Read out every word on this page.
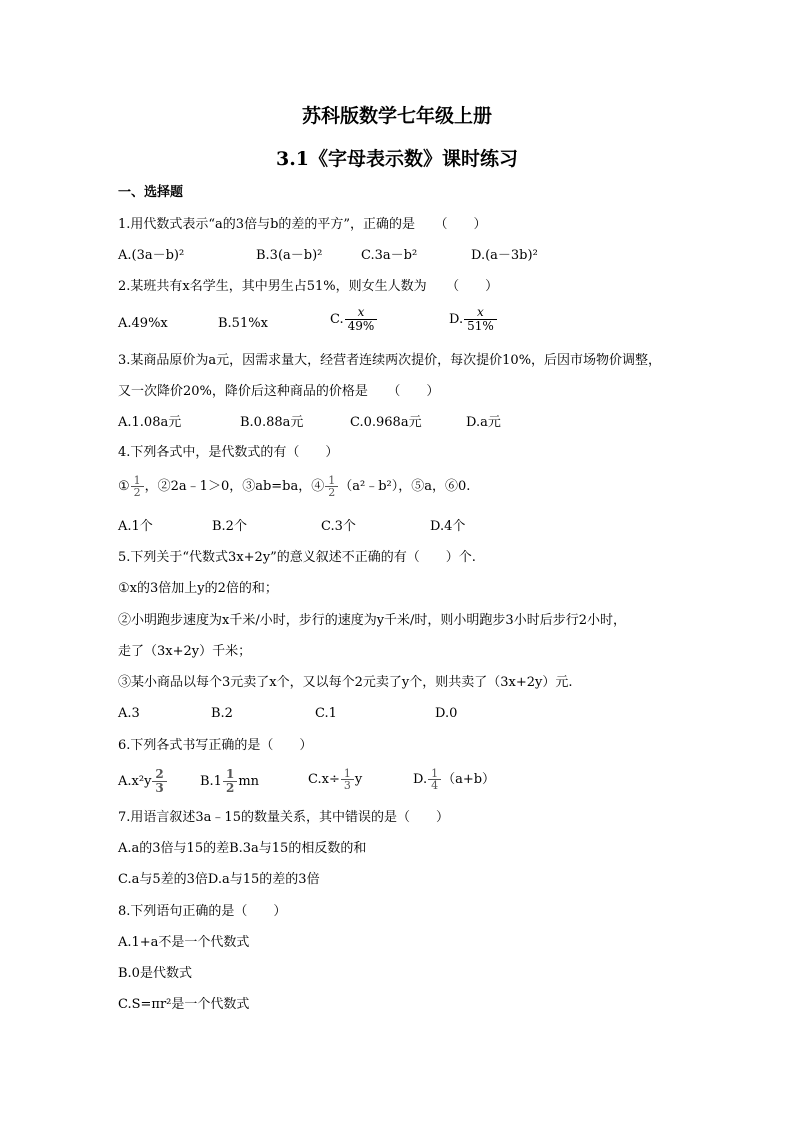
苏科版数学七年级上册
3.1《字母表示数》课时练习
一、选择题
1.用代数式表示“a的3倍与b的差的平方”，正确的是　　（　　）
A.(3a－b)²	B.3(a－b)²	C.3a－b²	D.(a－3b)²
2.某班共有x名学生，其中男生占51%，则女生人数为　　（　　）
A.49%x	B.51%x	C. $\frac{x}{49\%}$	D. $\frac{x}{51\%}$
3.某商品原价为a元，因需求量大，经营者连续两次提价，每次提价10%，后因市场物价调整，
又一次降价20%，降价后这种商品的价格是　　（　　）
A.1.08a元	B.0.88a元	C.0.968a元	D.a元
4.下列各式中，是代数式的有（　　）
① $\frac{1}{2}$ ，②2a﹣1＞0，③ab=ba，④ $\frac{1}{2}$ （a²﹣b²），⑤a，⑥0.
A.1个	B.2个	C.3个	D.4个
5.下列关于“代数式3x+2y”的意义叙述不正确的有（　　）个.
①x的3倍加上y的2倍的和；
②小明跑步速度为x千米/小时，步行的速度为y千米/时，则小明跑步3小时后步行2小时，
走了（3x+2y）千米；
③某小商品以每个3元卖了x个，又以每个2元卖了y个，则共卖了（3x+2y）元.
A.3	B.2	C.1	D.0
6.下列各式书写正确的是（　　）
$A.x^2y \frac{2}{3}$	$B.1 \frac{1}{2}$ mn	$C.x\div \frac{1}{3}$ y	D. $\frac{1}{4} (a+b)$
7.用语言叙述3a﹣15的数量关系，其中错误的是（　　）
A.a的3倍与15的差B.3a与15的相反数的和
C.a与5差的3倍D.a与15的差的3倍
8.下列语句正确的是（　　）
A.1+a不是一个代数式
B.0是代数式
C.S=πr²是一个代数式
